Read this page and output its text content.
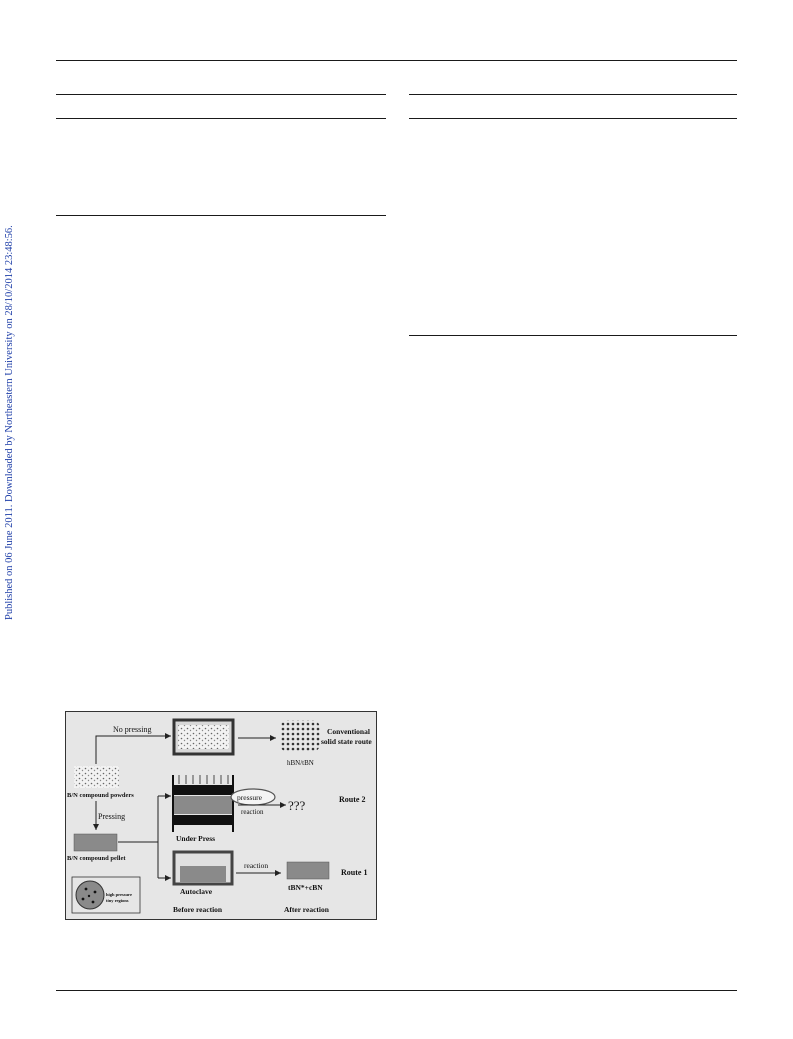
Published on 06 June 2011. Downloaded by Northeastern University on 28/10/2014 23:48:56.
B/N compound powders
No pressing
hBN/tBN
Conventional
solid state route
Pressing
B/N compound pellet
Under Press
pressure
reaction ???	Route 2
Autoclave
reaction
tBN*+cBN
Route 1
Before reaction	After reaction
high pressure
tiny regions
